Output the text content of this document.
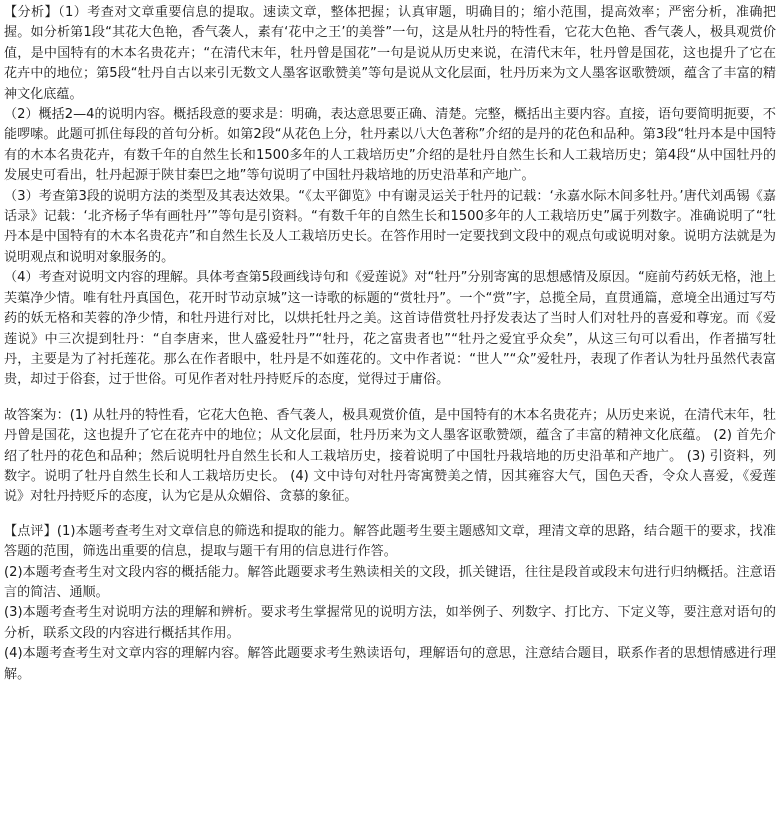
【分析】（1）考查对文章重要信息的提取。速读文章，整体把握；认真审题，明确目的；缩小范围，提高效率；严密分析，准确把握。如分析第1段“其花大色艳，香气袭人，素有‘花中之王’的美誉”一句，这是从牡丹的特性看，它花大色艳、香气袭人，极具观赏价值，是中国特有的木本名贵花卉；“在清代末年，牡丹曾是国花”一句是说从历史来说，在清代末年，牡丹曾是国花，这也提升了它在花卉中的地位；第5段“牡丹自古以来引无数文人墨客讴歌赞美”等句是说从文化层面，牡丹历来为文人墨客讴歌赞颂，蕴含了丰富的精神文化底蕴。

（2）概括2—4的说明内容。概括段意的要求是：明确，表达意思要正确、清楚。完整，概括出主要内容。直接，语句要简明扼要，不能啰嗦。此题可抓住每段的首句分析。如第2段“从花色上分，牡丹素以八大色著称”介绍的是丹的花色和品种。第3段“牡丹本是中国特有的木本名贵花卉，有数千年的自然生长和1500多年的人工栽培历史”介绍的是牡丹自然生长和人工栽培历史；第4段“从中国牡丹的发展史可看出，牡丹起源于陕甘秦巴之地”等句说明了中国牡丹栽培地的历史沿革和产地广。

（3）考查第3段的说明方法的类型及其表达效果。“《太平御览》中有谢灵运关于牡丹的记载：‘永嘉水际木间多牡丹。’唐代刘禹锡《嘉话录》记载：‘北齐杨子华有画牡丹’”等句是引资料。“有数千年的自然生长和1500多年的人工栽培历史”属于列数字。准确说明了“牡丹本是中国特有的木本名贵花卉”和自然生长及人工栽培历史长。在答作用时一定要找到文段中的观点句或说明对象。说明方法就是为说明观点和说明对象服务的。

（4）考查对说明文内容的理解。具体考查第5段画线诗句和《爱莲说》对“牡丹”分别寄寓的思想感情及原因。“庭前芍药妖无格，池上芙蕖净少情。唯有牡丹真国色，花开时节动京城”这一诗歌的标题的“赏牡丹”。一个“赏”字，总揽全局，直贯通篇，意境全出通过写芍药的妖无格和芙蓉的净少情，和牡丹进行对比，以烘托牡丹之美。这首诗借赏牡丹抒发表达了当时人们对牡丹的喜爱和尊宠。而《爱莲说》中三次提到牡丹：“自李唐来，世人盛爱牡丹”“牡丹，花之富贵者也”“牡丹之爱宜乎众矣”，从这三句可以看出，作者描写牡丹，主要是为了衬托莲花。那么在作者眼中，牡丹是不如莲花的。文中作者说：“世人”“众”爱牡丹，表现了作者认为牡丹虽然代表富贵，却过于俗套，过于世俗。可见作者对牡丹持贬斥的态度，觉得过于庸俗。

故答案为：(1) 从牡丹的特性看，它花大色艳、香气袭人，极具观赏价值，是中国特有的木本名贵花卉；从历史来说，在清代末年，牡丹曾是国花，这也提升了它在花卉中的地位；从文化层面，牡丹历来为文人墨客讴歌赞颂，蕴含了丰富的精神文化底蕴。 (2) 首先介绍了牡丹的花色和品种；然后说明牡丹自然生长和人工栽培历史，接着说明了中国牡丹栽培地的历史沿革和产地广。 (3) 引资料，列数字。说明了牡丹自然生长和人工栽培历史长。 (4) 文中诗句对牡丹寄寓赞美之情，因其雍容大气，国色天香，令众人喜爱，《爱莲说》对牡丹持贬斥的态度，认为它是从众媚俗、贪慕的象征。

【点评】(1)本题考查考生对文章信息的筛选和提取的能力。解答此题考生要主题感知文章，理清文章的思路，结合题干的要求，找准答题的范围，筛选出重要的信息，提取与题干有用的信息进行作答。

(2)本题考查考生对文段内容的概括能力。解答此题要求考生熟读相关的文段，抓关键语，往往是段首或段末句进行归纳概括。注意语言的简洁、通顺。

(3)本题考查考生对说明方法的理解和辨析。要求考生掌握常见的说明方法，如举例子、列数字、打比方、下定义等，要注意对语句的分析，联系文段的内容进行概括其作用。

(4)本题考查考生对文章内容的理解内容。解答此题要求考生熟读语句，理解语句的意思，注意结合题目，联系作者的思想情感进行理解。
